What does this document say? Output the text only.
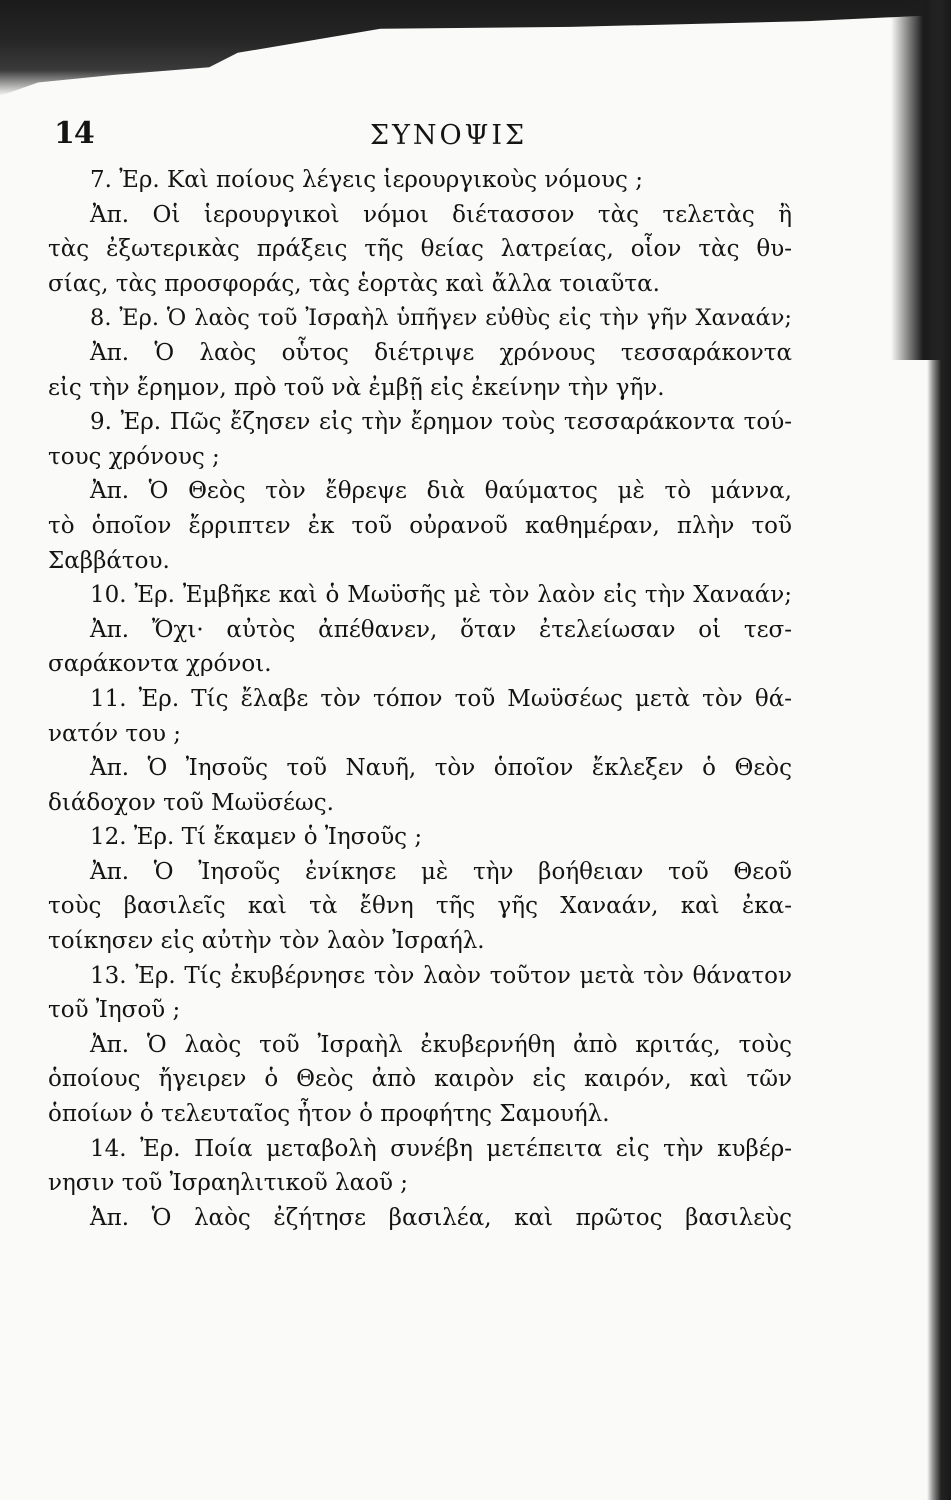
14	ΣΥΝΟΨΙΣ
7. Ἐρ. Καὶ ποίους λέγεις ἱερουργικοὺς νόμους ;
Ἀπ. Οἱ ἱερουργικοὶ νόμοι διέτασσον τὰς τελετὰς ἢ
τὰς ἐξωτερικὰς πράξεις τῆς θείας λατρείας, οἷον τὰς θυ-
σίας, τὰς προσφοράς, τὰς ἑορτὰς καὶ ἄλλα τοιαῦτα.
8. Ἐρ. Ὁ λαὸς τοῦ Ἰσραὴλ ὑπῆγεν εὐθὺς εἰς τὴν γῆν Χαναάν;
Ἀπ. Ὁ λαὸς οὗτος διέτριψε χρόνους τεσσαράκοντα
εἰς τὴν ἔρημον, πρὸ τοῦ νὰ ἐμβῇ εἰς ἐκείνην τὴν γῆν.
9. Ἐρ. Πῶς ἔζησεν εἰς τὴν ἔρημον τοὺς τεσσαράκοντα τού-
τους χρόνους ;
Ἀπ. Ὁ Θεὸς τὸν ἔθρεψε διὰ θαύματος μὲ τὸ μάννα,
τὸ ὁποῖον ἔρριπτεν ἐκ τοῦ οὐρανοῦ καθημέραν, πλὴν τοῦ
Σαββάτου.
10. Ἐρ. Ἐμβῆκε καὶ ὁ Μωϋσῆς μὲ τὸν λαὸν εἰς τὴν Χαναάν;
Ἀπ. Ὄχι· αὐτὸς ἀπέθανεν, ὅταν ἐτελείωσαν οἱ τεσ-
σαράκοντα χρόνοι.
11. Ἐρ. Τίς ἔλαβε τὸν τόπον τοῦ Μωϋσέως μετὰ τὸν θά-
νατόν του ;
Ἀπ. Ὁ Ἰησοῦς τοῦ Ναυῆ, τὸν ὁποῖον ἔκλεξεν ὁ Θεὸς
διάδοχον τοῦ Μωϋσέως.
12. Ἐρ. Τί ἔκαμεν ὁ Ἰησοῦς ;
Ἀπ. Ὁ Ἰησοῦς ἐνίκησε μὲ τὴν βοήθειαν τοῦ Θεοῦ
τοὺς βασιλεῖς καὶ τὰ ἔθνη τῆς γῆς Χαναάν, καὶ ἐκα-
τοίκησεν εἰς αὐτὴν τὸν λαὸν Ἰσραήλ.
13. Ἐρ. Τίς ἐκυβέρνησε τὸν λαὸν τοῦτον μετὰ τὸν θάνατον
τοῦ Ἰησοῦ ;
Ἀπ. Ὁ λαὸς τοῦ Ἰσραὴλ ἐκυβερνήθη ἀπὸ κριτάς, τοὺς
ὁποίους ἤγειρεν ὁ Θεὸς ἀπὸ καιρὸν εἰς καιρόν, καὶ τῶν
ὁποίων ὁ τελευταῖος ἦτον ὁ προφήτης Σαμουήλ.
14. Ἐρ. Ποία μεταβολὴ συνέβη μετέπειτα εἰς τὴν κυβέρ-
νησιν τοῦ Ἰσραηλιτικοῦ λαοῦ ;
Ἀπ. Ὁ λαὸς ἐζήτησε βασιλέα, καὶ πρῶτος βασιλεὺς
